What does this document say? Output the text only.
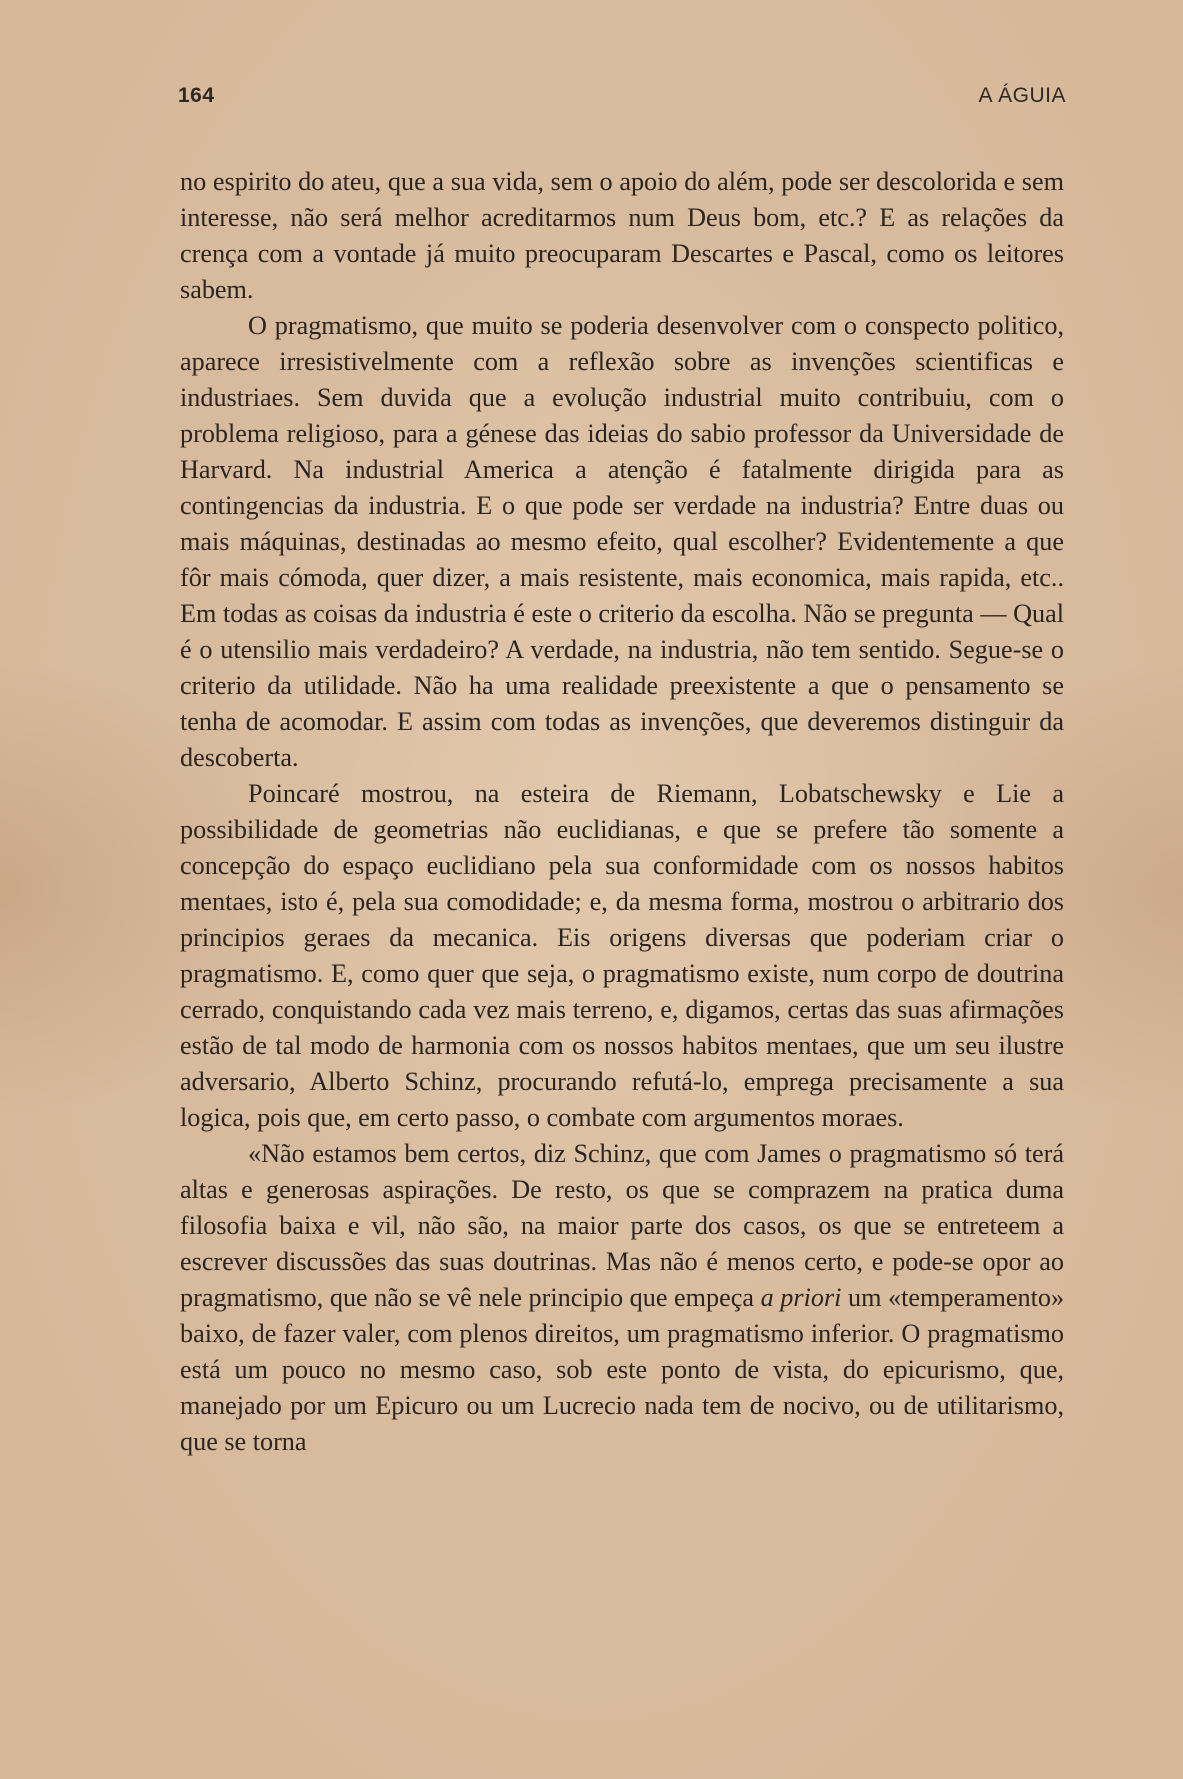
164	A ÁGUIA

no espirito do ateu, que a sua vida, sem o apoio do além, pode ser descolorida e sem interesse, não será melhor acreditarmos num Deus bom, etc.? E as relações da crença com a vontade já muito preocuparam Descartes e Pascal, como os leitores sabem.

O pragmatismo, que muito se poderia desenvolver com o conspecto politico, aparece irresistivelmente com a reflexão sobre as invenções scientificas e industriaes. Sem duvida que a evolução industrial muito contribuiu, com o problema religioso, para a génese das ideias do sabio professor da Universidade de Harvard. Na industrial America a atenção é fatalmente dirigida para as contingencias da industria. E o que pode ser verdade na industria? Entre duas ou mais máquinas, destinadas ao mesmo efeito, qual escolher? Evidentemente a que fôr mais cómoda, quer dizer, a mais resistente, mais economica, mais rapida, etc.. Em todas as coisas da industria é este o criterio da escolha. Não se pregunta — Qual é o utensilio mais verdadeiro? A verdade, na industria, não tem sentido. Segue-se o criterio da utilidade. Não ha uma realidade preexistente a que o pensamento se tenha de acomodar. E assim com todas as invenções, que deveremos distinguir da descoberta.

Poincaré mostrou, na esteira de Riemann, Lobatschewsky e Lie a possibilidade de geometrias não euclidianas, e que se prefere tão somente a concepção do espaço euclidiano pela sua conformidade com os nossos habitos mentaes, isto é, pela sua comodidade; e, da mesma forma, mostrou o arbitrario dos principios geraes da mecanica. Eis origens diversas que poderiam criar o pragmatismo. E, como quer que seja, o pragmatismo existe, num corpo de doutrina cerrado, conquistando cada vez mais terreno, e, digamos, certas das suas afirmações estão de tal modo de harmonia com os nossos habitos mentaes, que um seu ilustre adversario, Alberto Schinz, procurando refutá-lo, emprega precisamente a sua logica, pois que, em certo passo, o combate com argumentos moraes.

«Não estamos bem certos, diz Schinz, que com James o pragmatismo só terá altas e generosas aspirações. De resto, os que se comprazem na pratica duma filosofia baixa e vil, não são, na maior parte dos casos, os que se entreteem a escrever discussões das suas doutrinas. Mas não é menos certo, e pode-se opor ao pragmatismo, que não se vê nele principio que empeça a priori um «temperamento» baixo, de fazer valer, com plenos direitos, um pragmatismo inferior. O pragmatismo está um pouco no mesmo caso, sob este ponto de vista, do epicurismo, que, manejado por um Epicuro ou um Lucrecio nada tem de nocivo, ou de utilitarismo, que se torna
